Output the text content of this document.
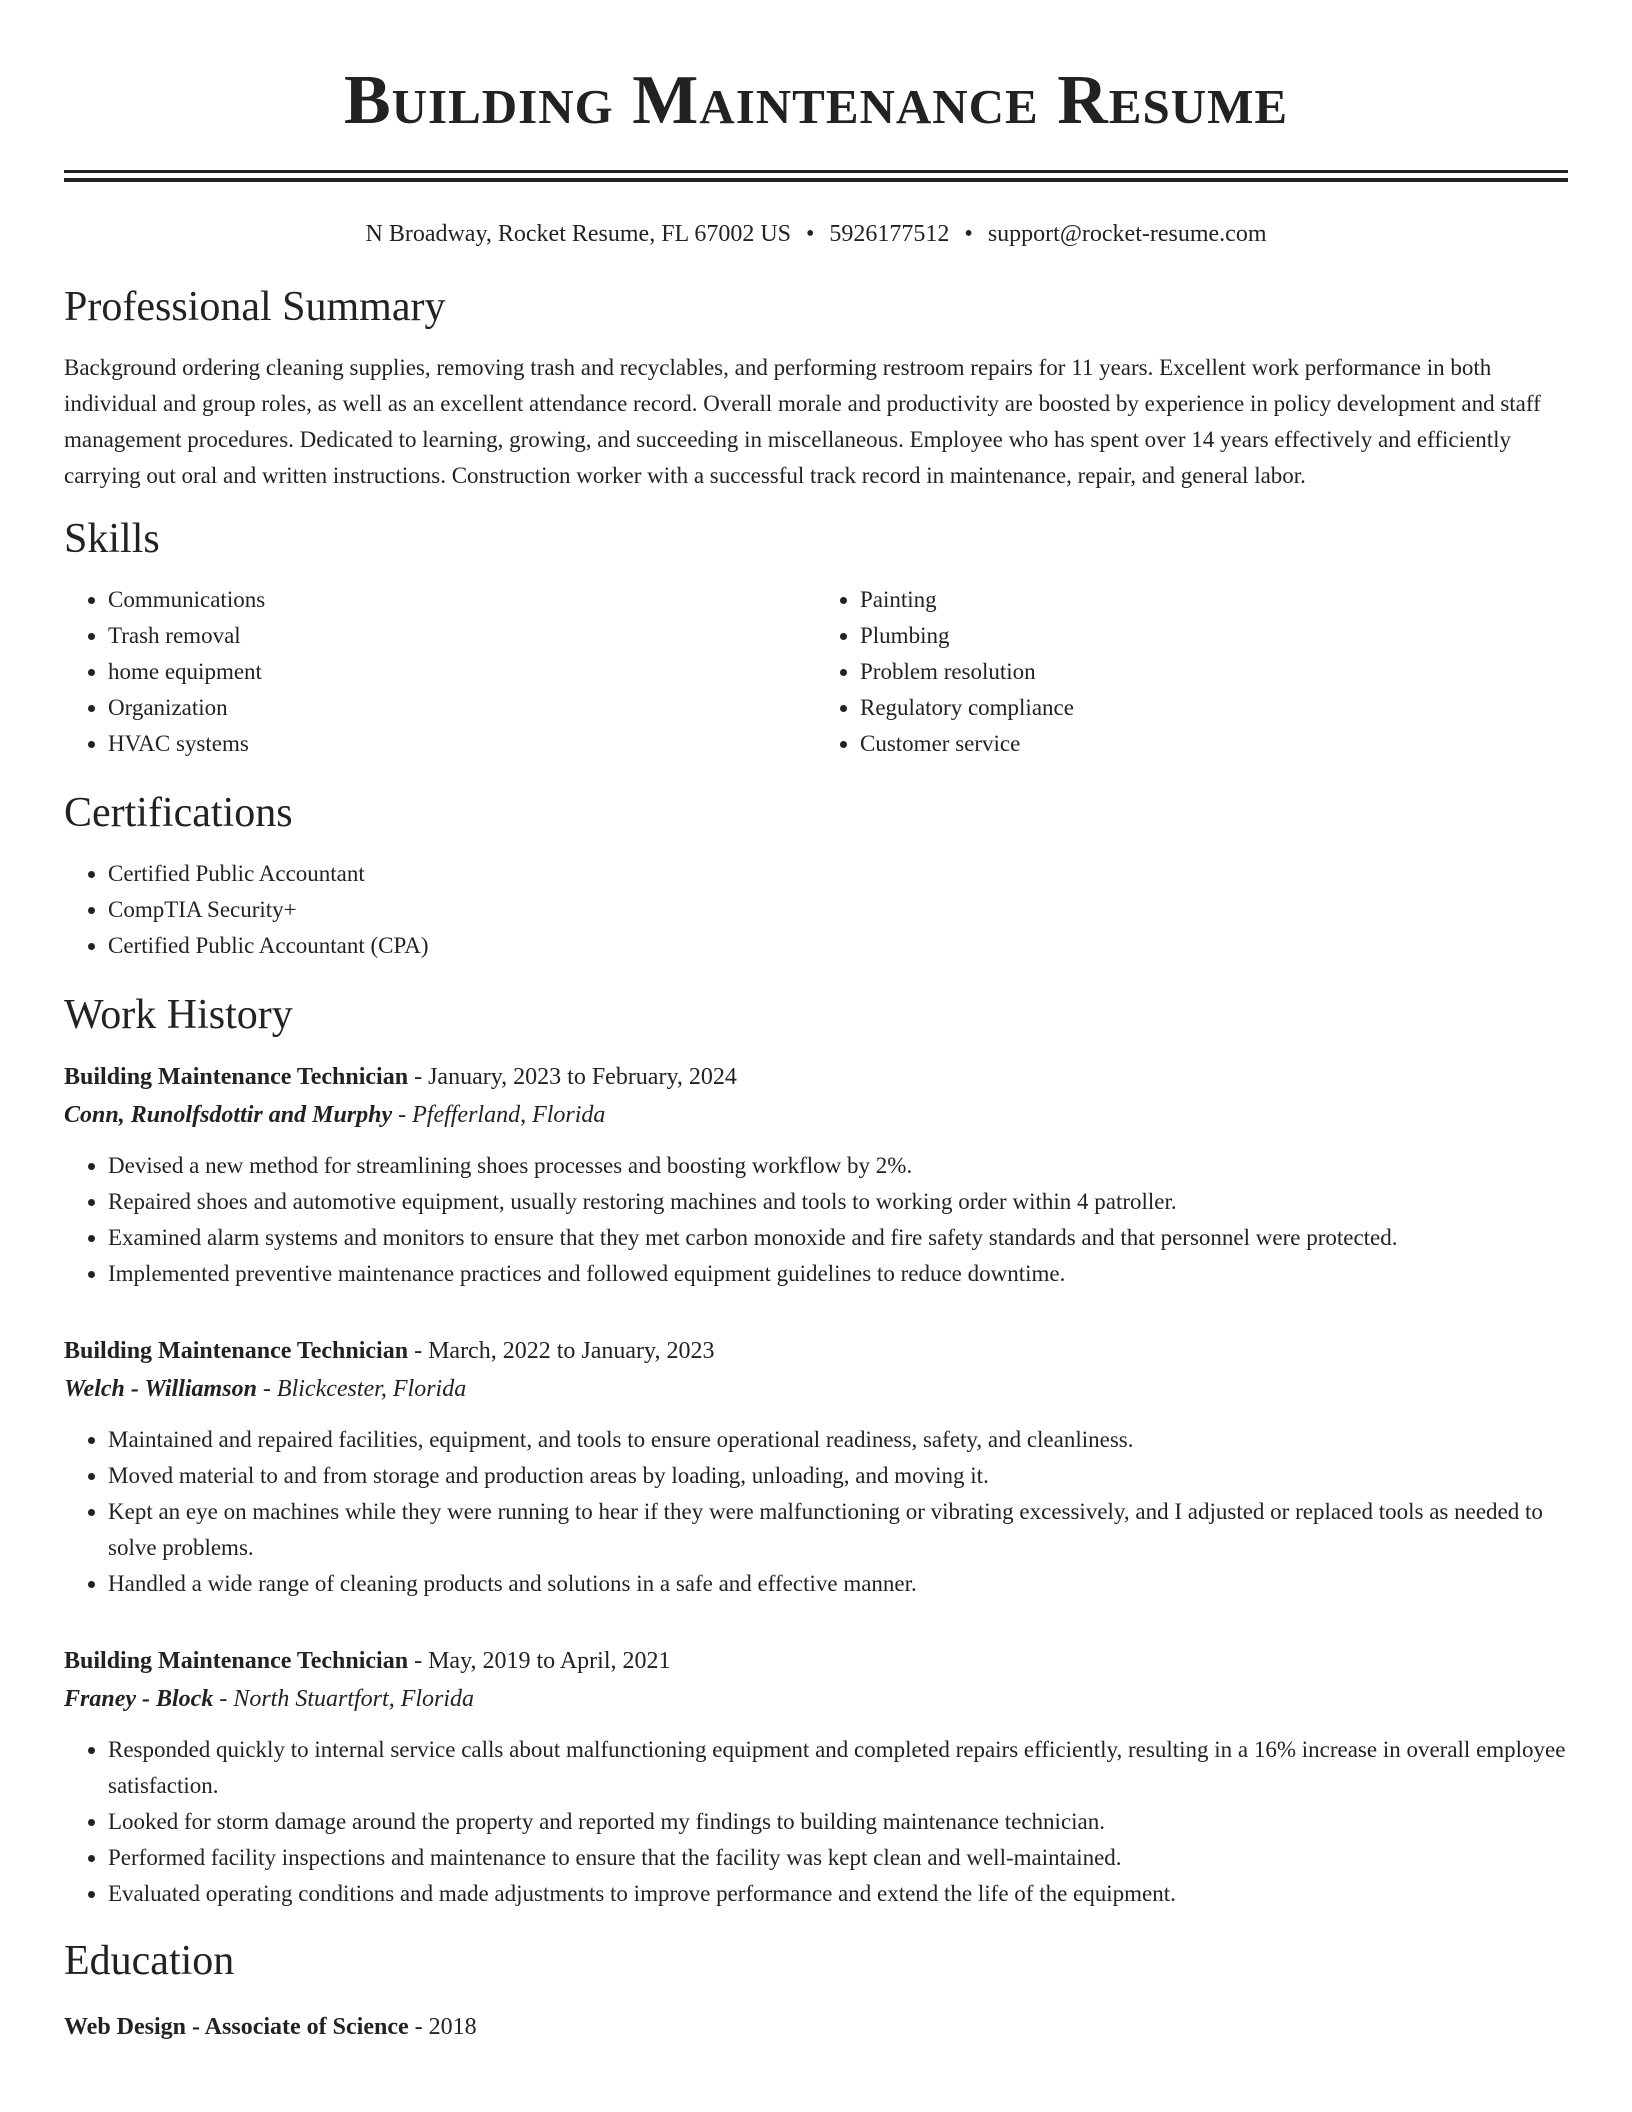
Building Maintenance Resume
N Broadway, Rocket Resume, FL 67002 US • 5926177512 • support@rocket-resume.com
Professional Summary

Background ordering cleaning supplies, removing trash and recyclables, and performing restroom repairs for 11 years. Excellent work performance in both individual and group roles, as well as an excellent attendance record. Overall morale and productivity are boosted by experience in policy development and staff management procedures. Dedicated to learning, growing, and succeeding in miscellaneous. Employee who has spent over 14 years effectively and efficiently carrying out oral and written instructions. Construction worker with a successful track record in maintenance, repair, and general labor.

Skills
• Communications
• Trash removal
• home equipment
• Organization
• HVAC systems
• Painting
• Plumbing
• Problem resolution
• Regulatory compliance
• Customer service
Certifications
• Certified Public Accountant
• CompTIA Security+
• Certified Public Accountant (CPA)
Work History
Building Maintenance Technician - January, 2023 to February, 2024
Conn, Runolfsdottir and Murphy - Pfefferland, Florida
• Devised a new method for streamlining shoes processes and boosting workflow by 2%.
• Repaired shoes and automotive equipment, usually restoring machines and tools to working order within 4 patroller.
• Examined alarm systems and monitors to ensure that they met carbon monoxide and fire safety standards and that personnel were protected.
• Implemented preventive maintenance practices and followed equipment guidelines to reduce downtime.
Building Maintenance Technician - March, 2022 to January, 2023
Welch - Williamson - Blickcester, Florida
• Maintained and repaired facilities, equipment, and tools to ensure operational readiness, safety, and cleanliness.
• Moved material to and from storage and production areas by loading, unloading, and moving it.
• Kept an eye on machines while they were running to hear if they were malfunctioning or vibrating excessively, and I adjusted or replaced tools as needed to solve problems.
• Handled a wide range of cleaning products and solutions in a safe and effective manner.
Building Maintenance Technician - May, 2019 to April, 2021
Franey - Block - North Stuartfort, Florida
• Responded quickly to internal service calls about malfunctioning equipment and completed repairs efficiently, resulting in a 16% increase in overall employee satisfaction.
• Looked for storm damage around the property and reported my findings to building maintenance technician.
• Performed facility inspections and maintenance to ensure that the facility was kept clean and well-maintained.
• Evaluated operating conditions and made adjustments to improve performance and extend the life of the equipment.
Education
Web Design - Associate of Science - 2018
